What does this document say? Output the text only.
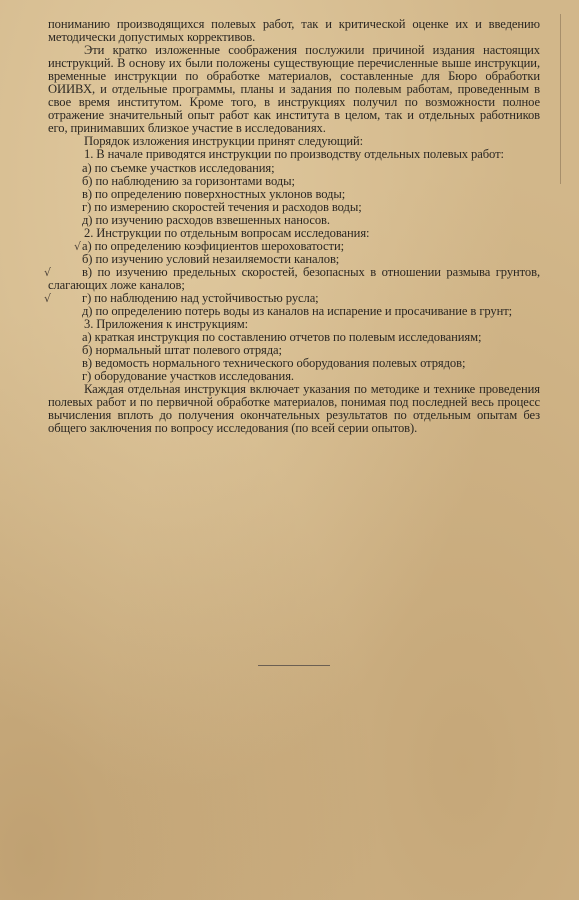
пониманию производящихся полевых работ, так и критической оценке их и введению методически допустимых коррективов.

Эти кратко изложенные соображения послужили причиной издания настоящих инструкций. В основу их были положены существующие перечисленные выше инструкции, временные инструкции по обработке материалов, составленные для Бюро обработки ОИИВХ, и отдельные программы, планы и задания по полевым работам, проведенным в свое время институтом. Кроме того, в инструкциях получил по возможности полное отражение значительный опыт работ как института в целом, так и отдельных работников его, принимавших близкое участие в исследованиях.

Порядок изложения инструкции принят следующий:

1. В начале приводятся инструкции по производству отдельных полевых работ:

а) по съемке участков исследования;

б) по наблюдению за горизонтами воды;

в) по определению поверхностных уклонов воды;

г) по измерению скоростей течения и расходов воды;

д) по изучению расходов взвешенных наносов.

2. Инструкции по отдельным вопросам исследования:

√ а) по определению коэфициентов шероховатости;

б) по изучению условий незаиляемости каналов;

√	в) по изучению предельных скоростей, безопасных в отношении размыва грунтов, слагающих ложе каналов;

√	г) по наблюдению над устойчивостью русла;

д) по определению потерь воды из каналов на испарение и просачивание в грунт;

3. Приложения к инструкциям:

а) краткая инструкция по составлению отчетов по полевым исследованиям;

б) нормальный штат полевого отряда;

в) ведомость нормального технического оборудования полевых отрядов;

г) оборудование участков исследования.

Каждая отдельная инструкция включает указания по методике и технике проведения полевых работ и по первичной обработке материалов, понимая под последней весь процесс вычисления вплоть до получения окончательных результатов по отдельным опытам без общего заключения по вопросу исследования (по всей серии опытов).
